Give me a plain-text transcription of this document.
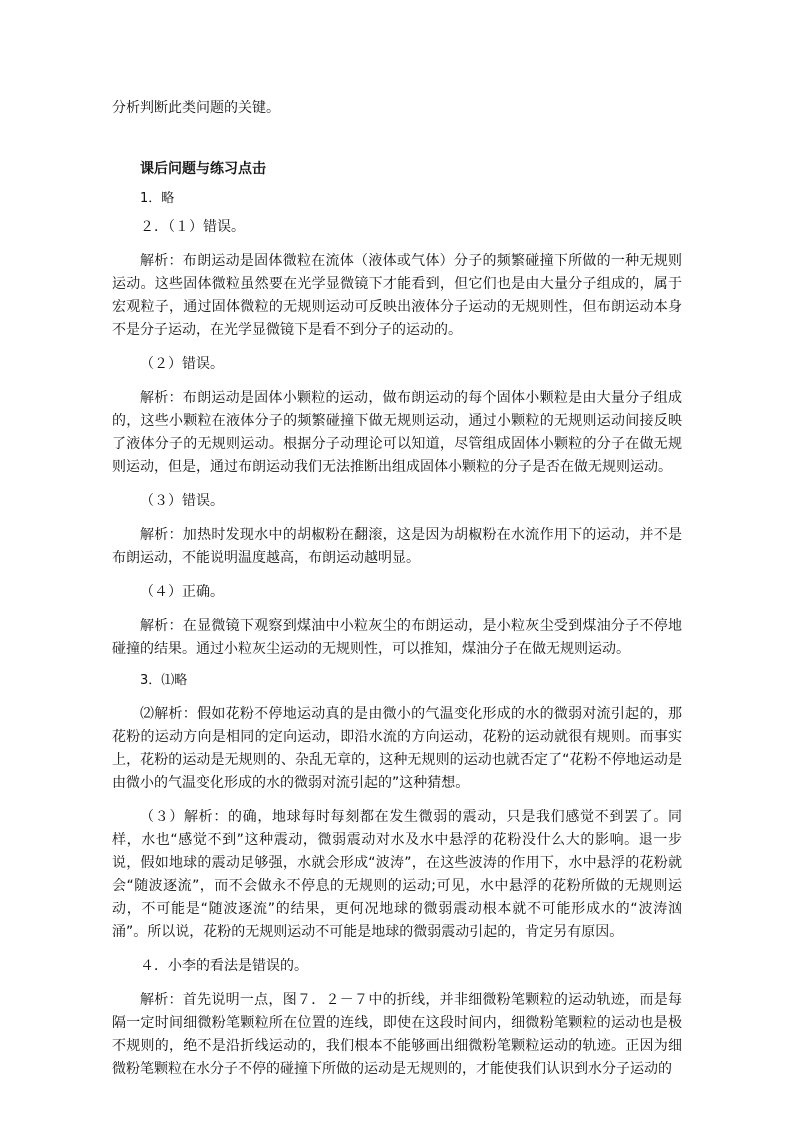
分析判断此类问题的关键。

课后问题与练习点击

1．略

２．（１）错误。

解析：布朗运动是固体微粒在流体（液体或气体）分子的频繁碰撞下所做的一种无规则运动。这些固体微粒虽然要在光学显微镜下才能看到，但它们也是由大量分子组成的，属于宏观粒子，通过固体微粒的无规则运动可反映出液体分子运动的无规则性，但布朗运动本身不是分子运动，在光学显微镜下是看不到分子的运动的。

（２）错误。

解析：布朗运动是固体小颗粒的运动，做布朗运动的每个固体小颗粒是由大量分子组成的，这些小颗粒在液体分子的频繁碰撞下做无规则运动，通过小颗粒的无规则运动间接反映了液体分子的无规则运动。根据分子动理论可以知道，尽管组成固体小颗粒的分子在做无规则运动，但是，通过布朗运动我们无法推断出组成固体小颗粒的分子是否在做无规则运动。

（３）错误。

解析：加热时发现水中的胡椒粉在翻滚，这是因为胡椒粉在水流作用下的运动，并不是布朗运动，不能说明温度越高，布朗运动越明显。

（４）正确。

解析：在显微镜下观察到煤油中小粒灰尘的布朗运动，是小粒灰尘受到煤油分子不停地碰撞的结果。通过小粒灰尘运动的无规则性，可以推知，煤油分子在做无规则运动。

3．⑴略

⑵解析：假如花粉不停地运动真的是由微小的气温变化形成的水的微弱对流引起的，那花粉的运动方向是相同的定向运动，即沿水流的方向运动，花粉的运动就很有规则。而事实上，花粉的运动是无规则的、杂乱无章的，这种无规则的运动也就否定了“花粉不停地运动是由微小的气温变化形成的水的微弱对流引起的”这种猜想。

（３）解析：的确，地球每时每刻都在发生微弱的震动，只是我们感觉不到罢了。同样，水也“感觉不到”这种震动，微弱震动对水及水中悬浮的花粉没什么大的影响。退一步说，假如地球的震动足够强，水就会形成“波涛”，在这些波涛的作用下，水中悬浮的花粉就会“随波逐流”，而不会做永不停息的无规则的运动;可见，水中悬浮的花粉所做的无规则运动，不可能是“随波逐流”的结果，更何况地球的微弱震动根本就不可能形成水的“波涛汹涌”。所以说，花粉的无规则运动不可能是地球的微弱震动引起的，肯定另有原因。

４．小李的看法是错误的。

解析：首先说明一点，图７．２－７中的折线，并非细微粉笔颗粒的运动轨迹，而是每隔一定时间细微粉笔颗粒所在位置的连线，即使在这段时间内，细微粉笔颗粒的运动也是极不规则的，绝不是沿折线运动的，我们根本不能够画出细微粉笔颗粒运动的轨迹。正因为细微粉笔颗粒在水分子不停的碰撞下所做的运动是无规则的，才能使我们认识到水分子运动的
